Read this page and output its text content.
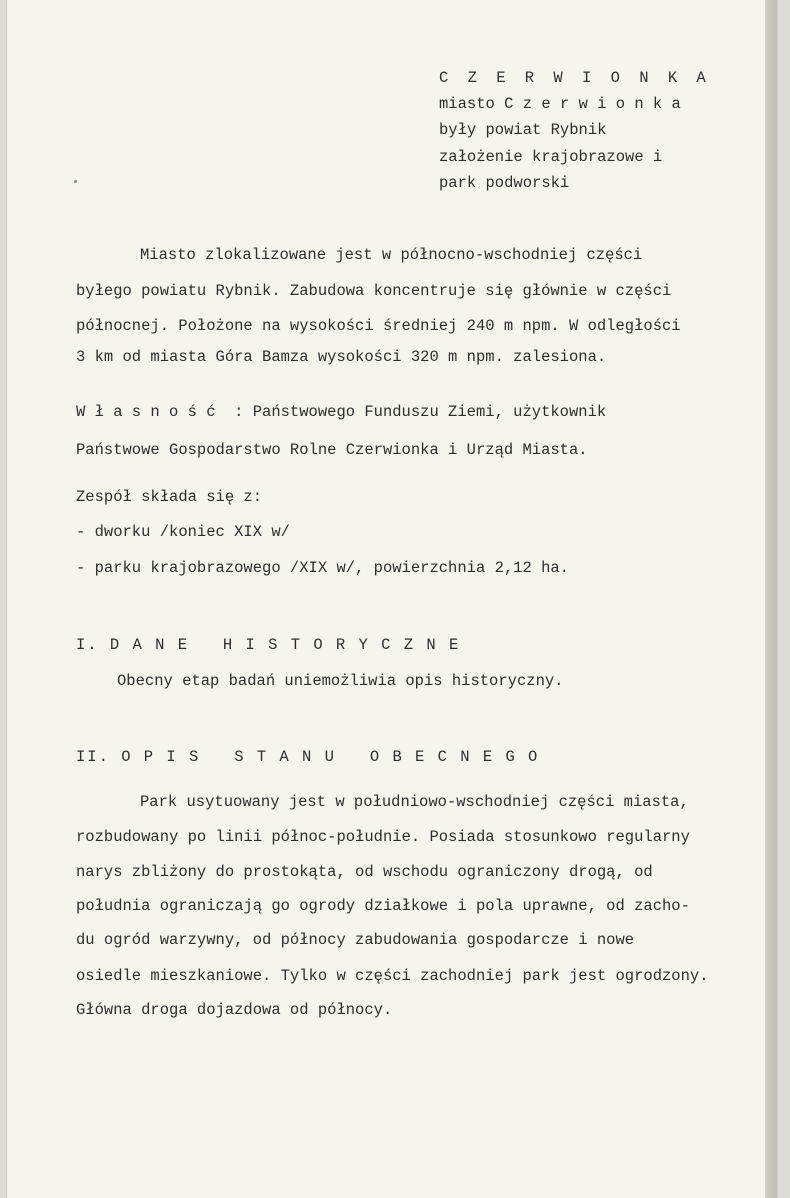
C Z E R W I O N K A
miasto C z e r w i o n k a
były powiat Rybnik
założenie krajobrazowe i
park podworski
Miasto zlokalizowane jest w północno-wschodniej części
byłego powiatu Rybnik. Zabudowa koncentruje się głównie w części
północnej. Położone na wysokości średniej 240 m npm. W odległości
3 km od miasta Góra Bamza wysokości 320 m npm. zalesiona.
W ł a s n o ś ć  : Państwowego Funduszu Ziemi, użytkownik
Państwowe Gospodarstwo Rolne Czerwionka i Urząd Miasta.
Zespół składa się z:
- dworku /koniec XIX w/
- parku krajobrazowego /XIX w/, powierzchnia 2,12 ha.
I. D A N E   H I S T O R Y C Z N E
Obecny etap badań uniemożliwia opis historyczny.
II. O P I S   S T A N U   O B E C N E G O
Park usytuowany jest w południowo-wschodniej części miasta,
rozbudowany po linii północ-południe. Posiada stosunkowo regularny
narys zbliżony do prostokąta, od wschodu ograniczony drogą, od
południa ograniczają go ogrody działkowe i pola uprawne, od zacho-
du ogród warzywny, od północy zabudowania gospodarcze i nowe
osiedle mieszkaniowe. Tylko w części zachodniej park jest ogrodzony.
Główna droga dojazdowa od północy.
